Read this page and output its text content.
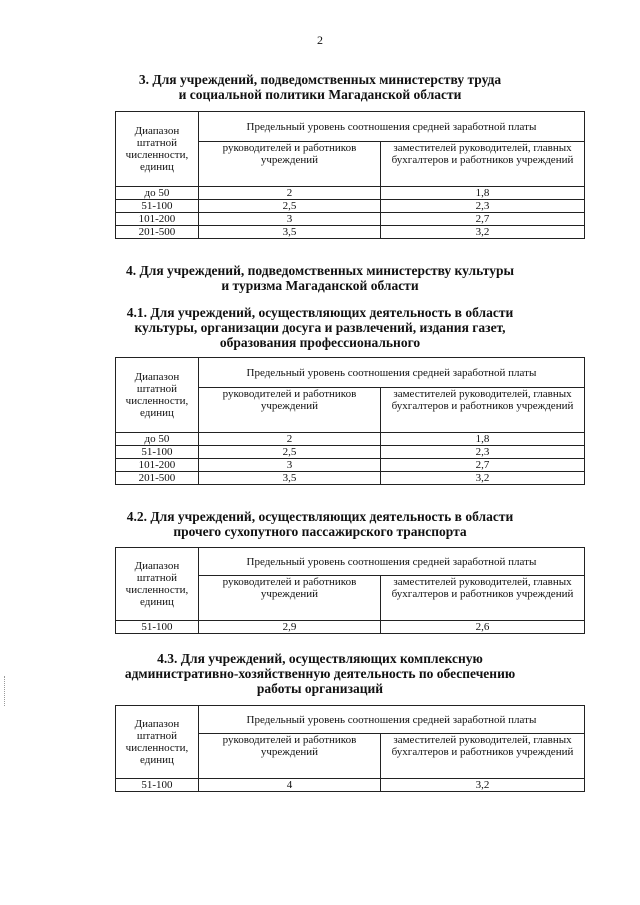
2
3. Для учреждений, подведомственных министерству труда
и социальной политики Магаданской области
Диапазон штатной численности, единиц	Предельный уровень соотношения средней заработной платы	
	руководителей и работников учреждений	заместителей руководителей, главных бухгалтеров и работников учреждений
до 50	2	1,8
51-100	2,5	2,3
101-200	3	2,7
201-500	3,5	3,2
4. Для учреждений, подведомственных министерству культуры
и туризма Магаданской области
4.1. Для учреждений, осуществляющих деятельность в области
культуры, организации досуга и развлечений, издания газет,
образования профессионального
Диапазон штатной численности, единиц	Предельный уровень соотношения средней заработной платы	
	руководителей и работников учреждений	заместителей руководителей, главных бухгалтеров и работников учреждений
до 50	2	1,8
51-100	2,5	2,3
101-200	3	2,7
201-500	3,5	3,2
4.2. Для учреждений, осуществляющих деятельность в области
прочего сухопутного пассажирского транспорта
Диапазон штатной численности, единиц	Предельный уровень соотношения средней заработной платы	
	руководителей и работников учреждений	заместителей руководителей, главных бухгалтеров и работников учреждений
51-100	2,9	2,6
4.3. Для учреждений, осуществляющих комплексную
административно-хозяйственную деятельность по обеспечению
работы организаций
Диапазон штатной численности, единиц	Предельный уровень соотношения средней заработной платы	
	руководителей и работников учреждений	заместителей руководителей, главных бухгалтеров и работников учреждений
51-100	4	3,2
